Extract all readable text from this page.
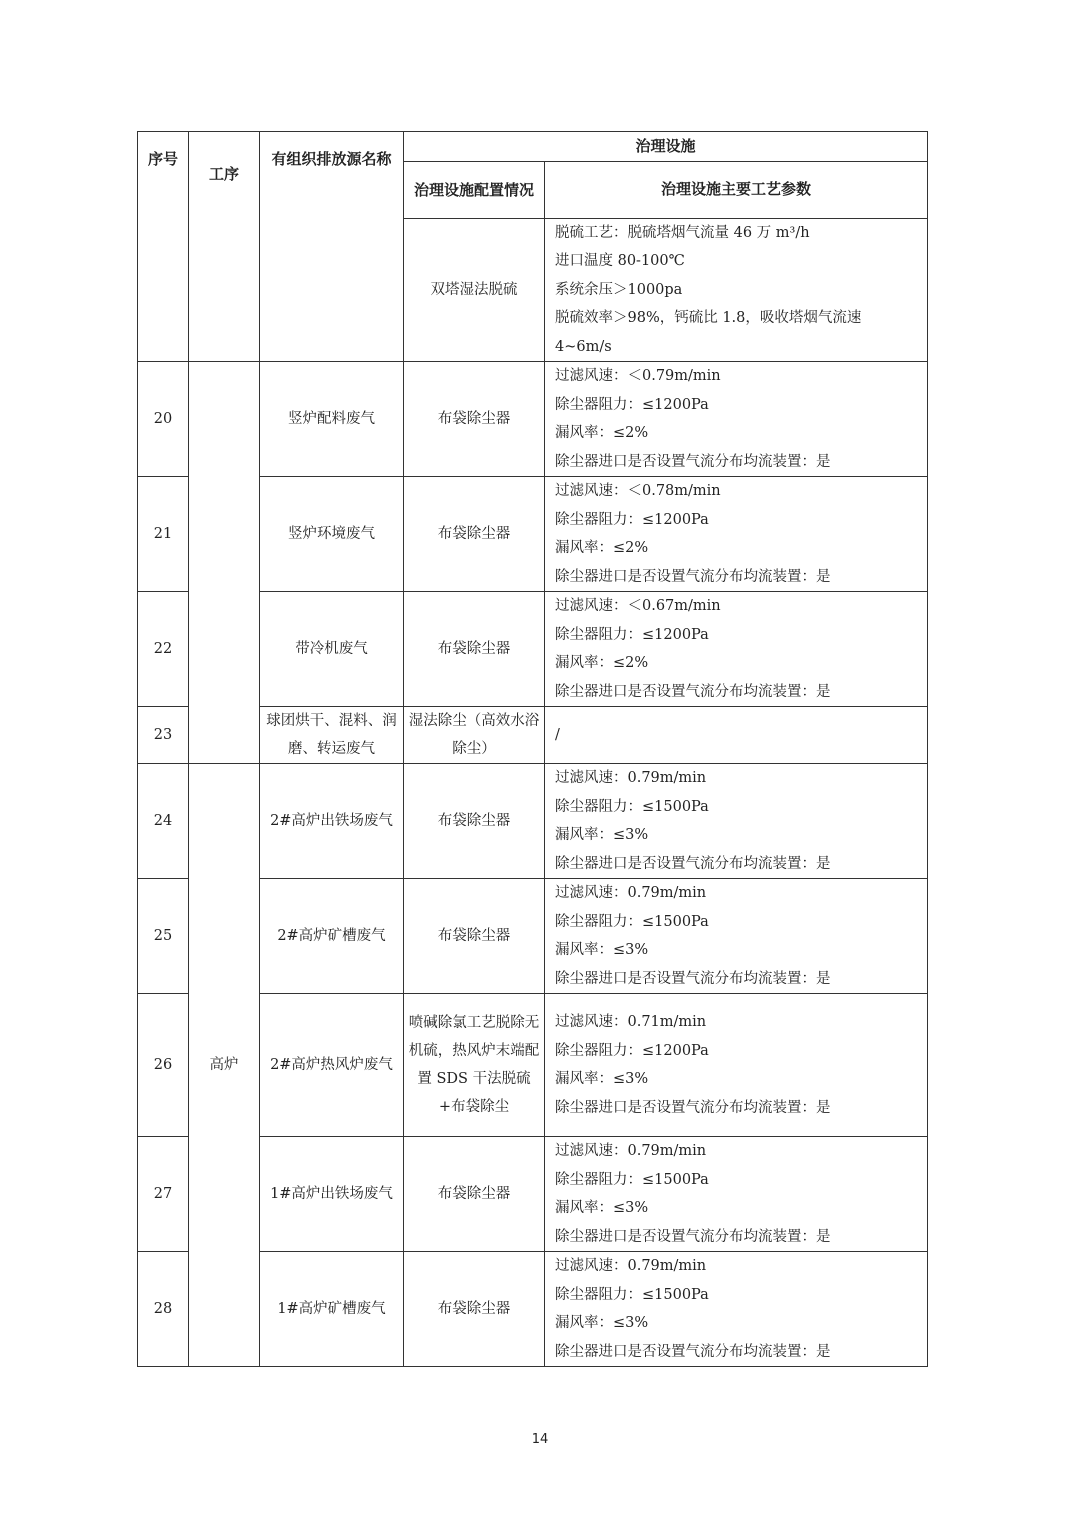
序号	工序	有组织排放源名称	治理设施	
			治理设施配置情况	治理设施主要工艺参数
			双塔湿法脱硫	脱硫工艺：脱硫塔烟气流量 46 万 m³/h
进口温度 80-100℃
系统余压＞1000pa
脱硫效率＞98%，钙硫比 1.8，吸收塔烟气流速
4~6m/s

20		竖炉配料废气	布袋除尘器	过滤风速：＜0.79m/min
除尘器阻力：≤1200Pa
漏风率：≤2%
除尘器进口是否设置气流分布均流装置：是

21		竖炉环境废气	布袋除尘器	过滤风速：＜0.78m/min
除尘器阻力：≤1200Pa
漏风率：≤2%
除尘器进口是否设置气流分布均流装置：是

22		带冷机废气	布袋除尘器	过滤风速：＜0.67m/min
除尘器阻力：≤1200Pa
漏风率：≤2%
除尘器进口是否设置气流分布均流装置：是

23		球团烘干、混料、润磨、转运废气	湿法除尘（高效水浴除尘）	/

24	高炉	2#高炉出铁场废气	布袋除尘器	过滤风速：0.79m/min
除尘器阻力：≤1500Pa
漏风率：≤3%
除尘器进口是否设置气流分布均流装置：是

25		2#高炉矿槽废气	布袋除尘器	过滤风速：0.79m/min
除尘器阻力：≤1500Pa
漏风率：≤3%
除尘器进口是否设置气流分布均流装置：是

26		2#高炉热风炉废气	喷碱除氯工艺脱除无机硫，热风炉末端配置 SDS 干法脱硫+布袋除尘	过滤风速：0.71m/min
除尘器阻力：≤1200Pa
漏风率：≤3%
除尘器进口是否设置气流分布均流装置：是

27		1#高炉出铁场废气	布袋除尘器	过滤风速：0.79m/min
除尘器阻力：≤1500Pa
漏风率：≤3%
除尘器进口是否设置气流分布均流装置：是

28		1#高炉矿槽废气	布袋除尘器	过滤风速：0.79m/min
除尘器阻力：≤1500Pa
漏风率：≤3%
除尘器进口是否设置气流分布均流装置：是
14
